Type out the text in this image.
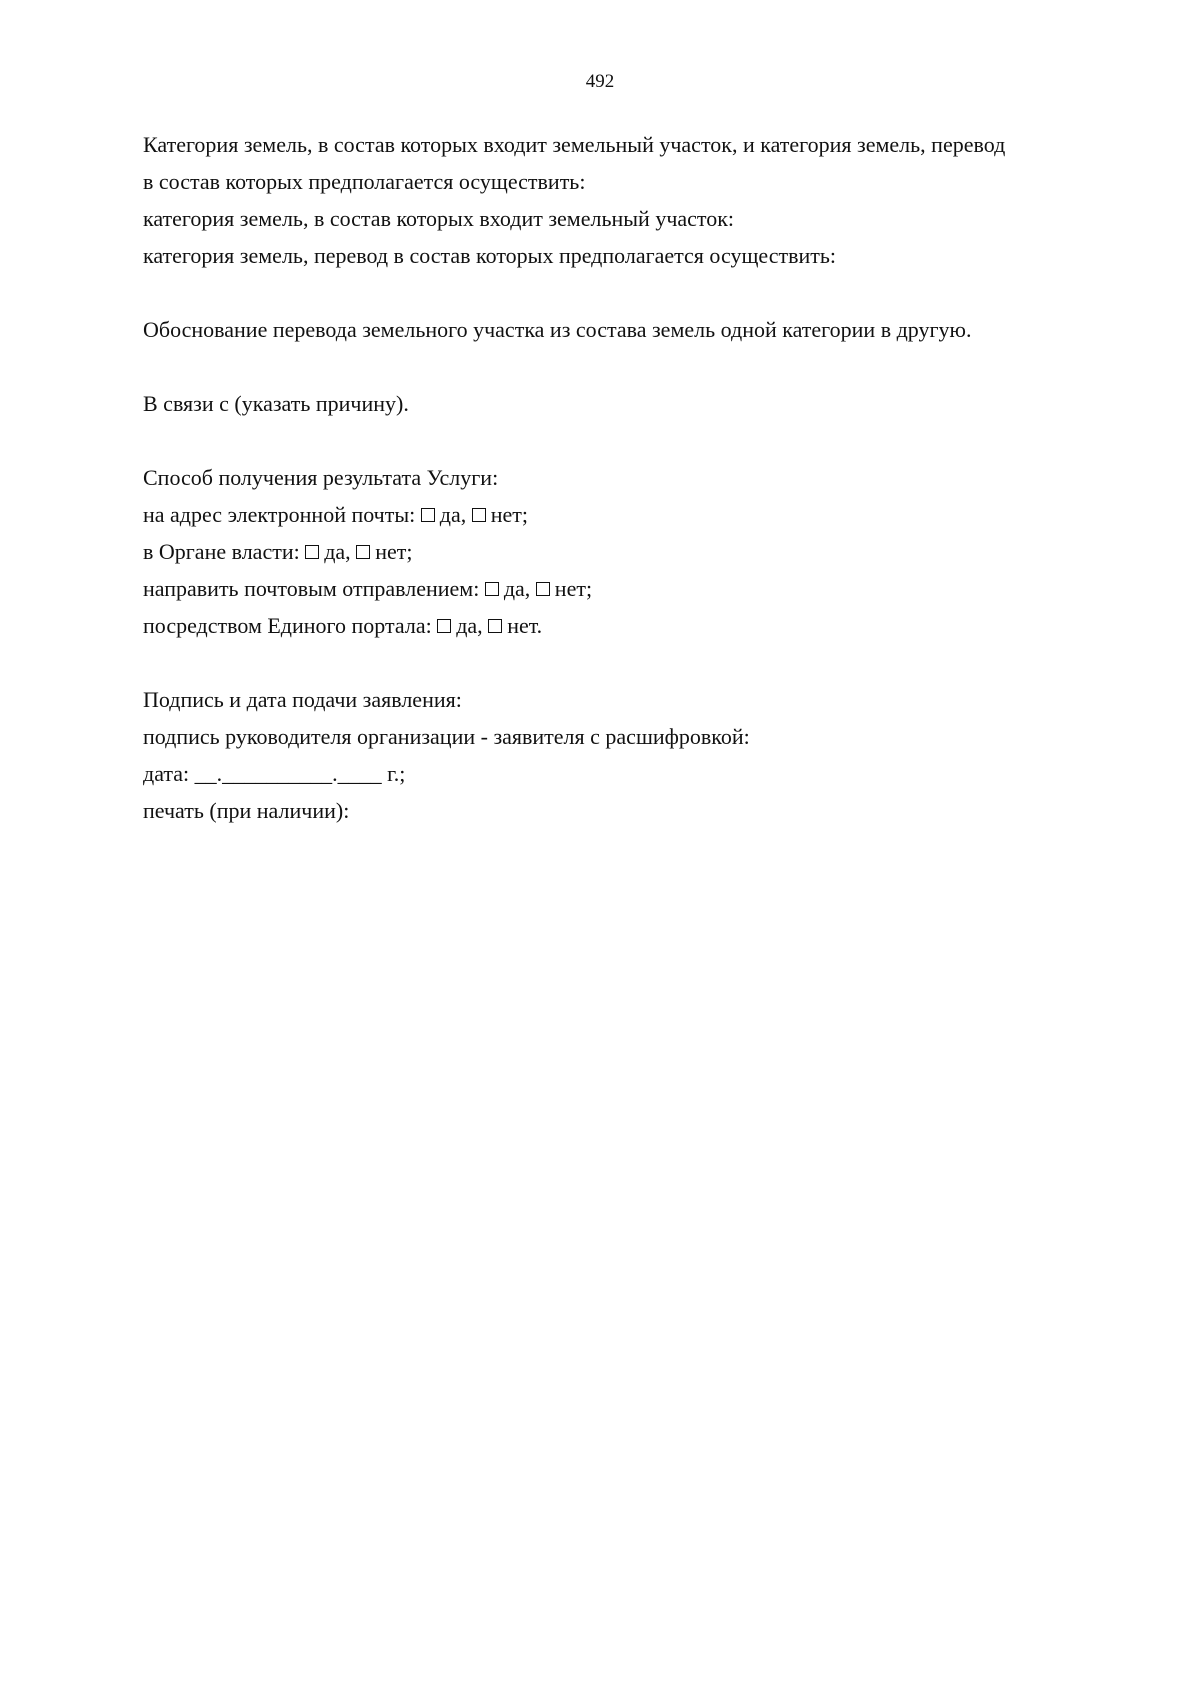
492
Категория земель, в состав которых входит земельный участок, и категория земель, перевод
в состав которых предполагается осуществить:
категория земель, в состав которых входит земельный участок:
категория земель, перевод в состав которых предполагается осуществить:
Обоснование перевода земельного участка из состава земель одной категории в другую.
В связи с (указать причину).
Способ получения результата Услуги:
на адрес электронной почты: да, нет;
в Органе власти: да, нет;
направить почтовым отправлением: да, нет;
посредством Единого портала: да, нет.
Подпись и дата подачи заявления:
подпись руководителя организации - заявителя с расшифровкой:
дата: __.__________.____ г.;
печать (при наличии):
